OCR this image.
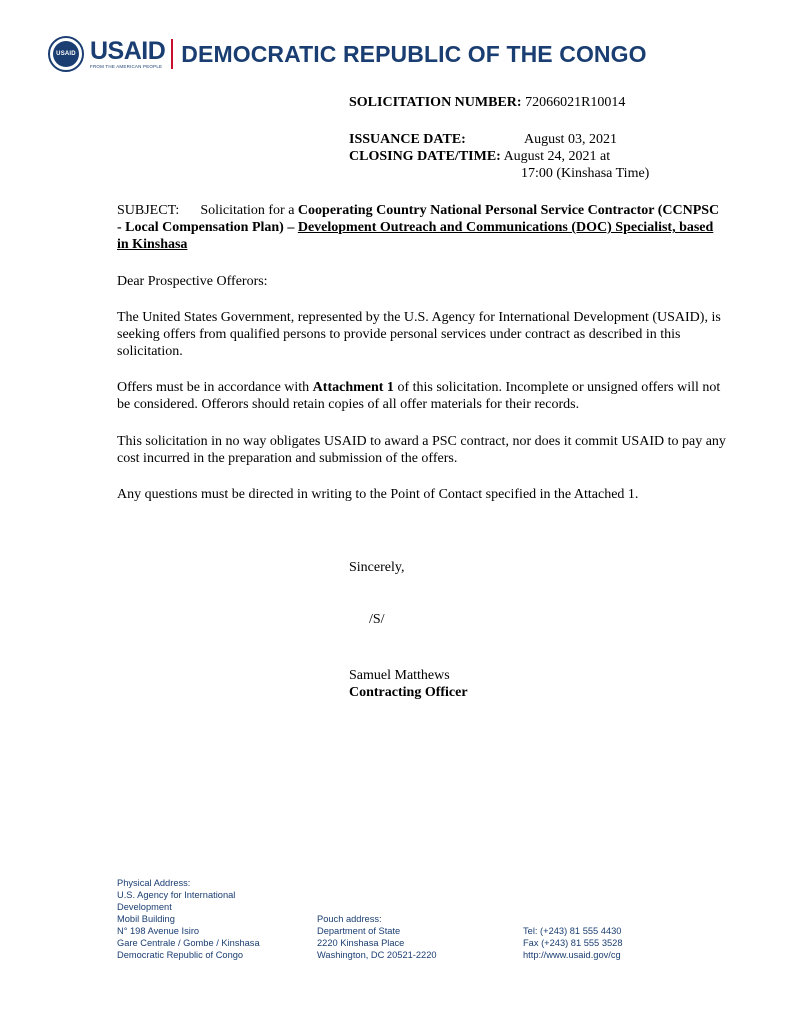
USAID USAID
FROM THE AMERICAN PEOPLE DEMOCRATIC REPUBLIC OF THE CONGO
SOLICITATION NUMBER: 72066021R10014
ISSUANCE DATE:	August 03, 2021
CLOSING DATE/TIME: August 24, 2021 at
17:00 (Kinshasa Time)
SUBJECT: Solicitation for a Cooperating Country National Personal Service Contractor (CCNPSC - Local Compensation Plan) – Development Outreach and Communications (DOC) Specialist, based in Kinshasa
Dear Prospective Offerors:
The United States Government, represented by the U.S. Agency for International Development (USAID), is seeking offers from qualified persons to provide personal services under contract as described in this solicitation.
Offers must be in accordance with Attachment 1 of this solicitation. Incomplete or unsigned offers will not be considered. Offerors should retain copies of all offer materials for their records.
This solicitation in no way obligates USAID to award a PSC contract, nor does it commit USAID to pay any cost incurred in the preparation and submission of the offers.
Any questions must be directed in writing to the Point of Contact specified in the Attached 1.
Sincerely,
/S/
Samuel Matthews
Contracting Officer
Physical Address:
U.S. Agency for International
Development
Mobil Building
N° 198 Avenue Isiro
Gare Centrale / Gombe / Kinshasa
Democratic Republic of Congo
Pouch address:
Department of State
2220 Kinshasa Place
Washington, DC 20521-2220
Tel: (+243) 81 555 4430
Fax (+243) 81 555 3528
http://www.usaid.gov/cg
